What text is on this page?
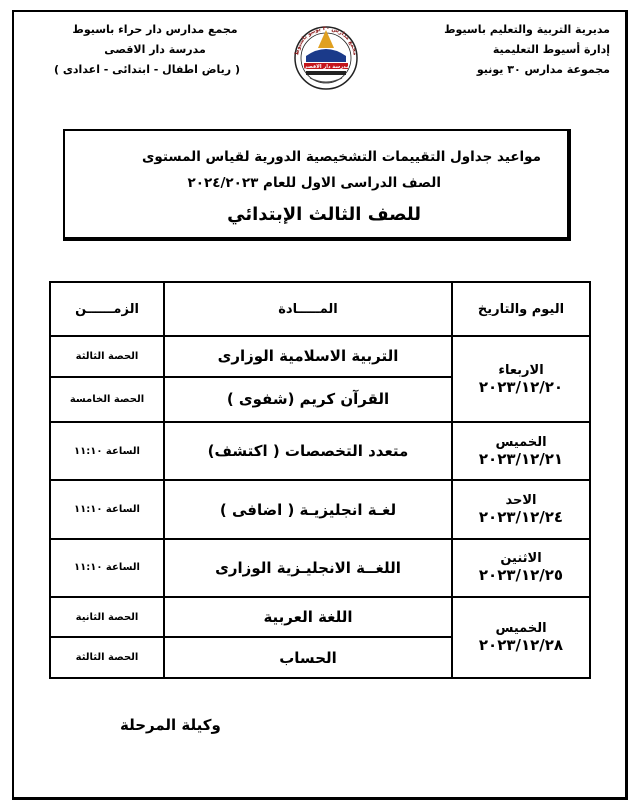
مديرية التربية والتعليم باسيوط
إدارة أسيوط التعليمية
مجموعة مدارس ٣٠ يونيو
مجمع مدارس دار حراء باسيوط
مدرسة دار الاقصى
( رياض اطفال - ابتدائى - اعدادى )
مجمع مدارس ٣٠ يونيو باسيوط
مدرسة دار الاقصى
مواعيد جداول التقييمات التشخيصية الدورية لقياس المستوى
الصف الدراسى الاول للعام ٢٠٢٤/٢٠٢٣
للصف الثالث الإبتدائي
اليوم والتاريخ	المـــــادة	الزمــــــن

الاربعاء
٢٠٢٣/١٢/٢٠	التربية الاسلامية الوزارى	الحصة الثالثة
	القرآن كريم (شفوى )	الحصة الخامسة

الخميس
٢٠٢٣/١٢/٢١	متعدد التخصصات ( اكتشف)	الساعة ١١:١٠

الاحد
٢٠٢٣/١٢/٢٤	لغـة انجليزيـة ( اضافى )	الساعة ١١:١٠

الاثنين
٢٠٢٣/١٢/٢٥	اللغــة الانجليـزية الوزارى	الساعة ١١:١٠

الخميس
٢٠٢٣/١٢/٢٨	اللغة العربية	الحصة الثانية
	الحساب	الحصة الثالثة
وكيلة المرحلة
